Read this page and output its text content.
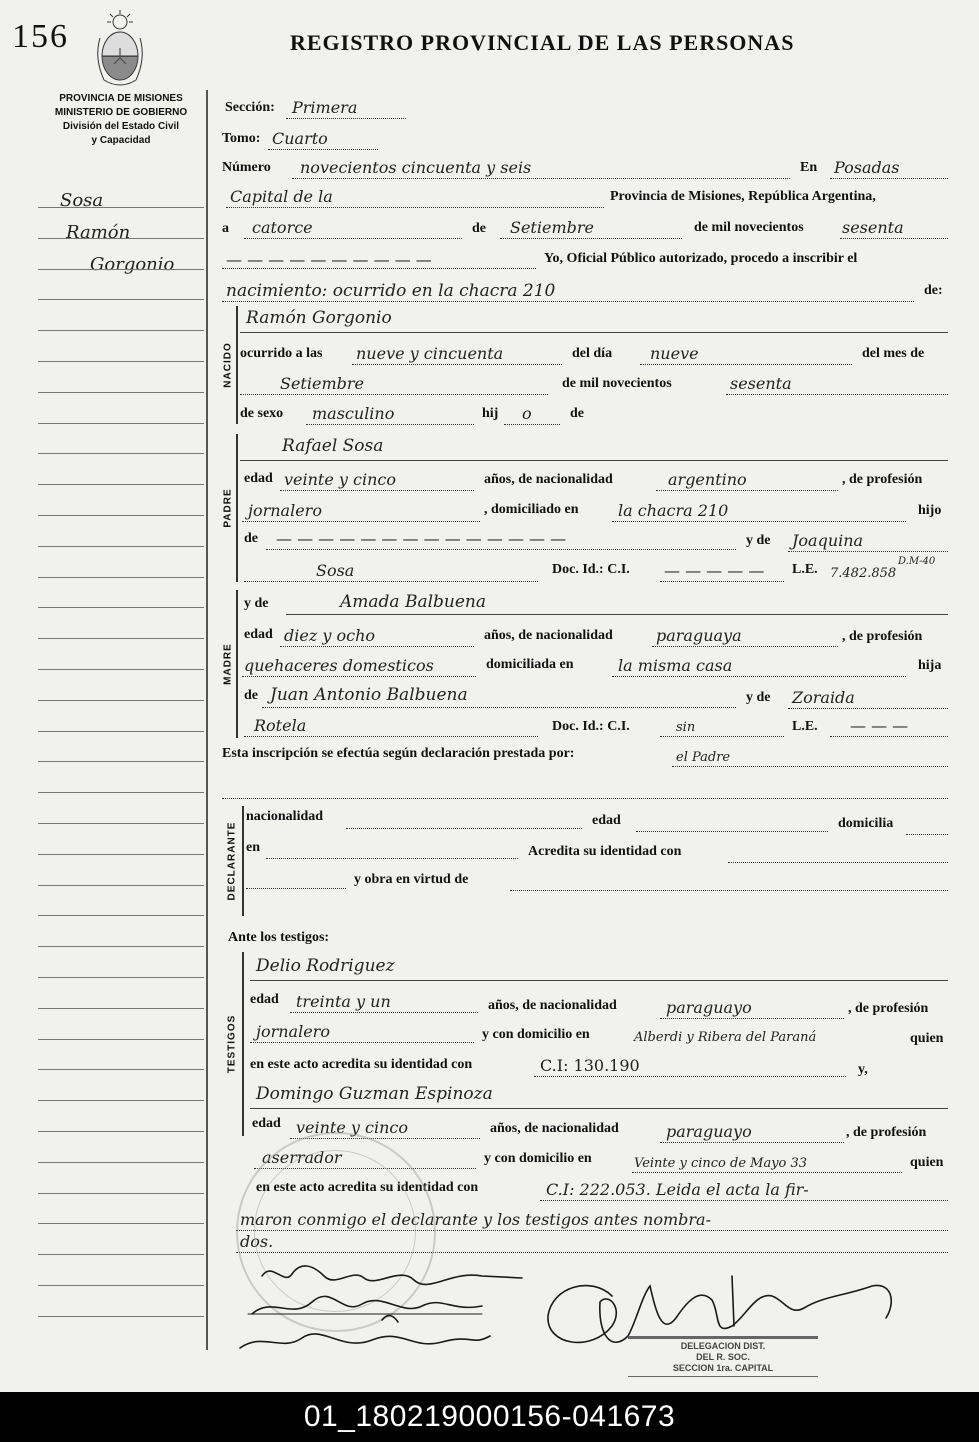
156	REGISTRO PROVINCIAL DE LAS PERSONAS
PROVINCIA DE MISIONES
MINISTERIO DE GOBIERNO
División del Estado Civil
y Capacidad
Sosa
Ramón
Gorgonio
Sección: Primera
Tomo: Cuarto
Número novecientos cincuenta y seis	En Posadas
Capital de la	Provincia de Misiones, República Argentina,
a catorce	de Setiembre	de mil novecientos sesenta
— — — — — — — — — —	Yo, Oficial Público autorizado, procedo a inscribir el
nacimiento: ocurrido en la chacra 210	de:
NACIDO
Ramón Gorgonio
ocurrido a las nueve y cincuenta	del día nueve	del mes de
Setiembre	de mil novecientos	sesenta
de sexo masculino	hij o	de
PADRE
Rafael Sosa
edad veinte y cinco	años, de nacionalidad	argentino	, de profesión
jornalero	, domiciliado en la chacra 210	hijo
de — — — — — — — — — — — — — —	y de Joaquina
Sosa	Doc. Id.: C.I. — — — — — L.E. 7.482.858
D.M-40
MADRE
y de	Amada Balbuena
edad diez y ocho	años, de nacionalidad	paraguaya	, de profesión
quehaceres domesticos	domiciliada en	la misma casa	hija
de Juan Antonio Balbuena	y de Zoraida
Rotela	Doc. Id.: C.I.	sin	L.E. — — —
Esta inscripción se efectúa según declaración prestada por:	el Padre
DECLARANTE
nacionalidad	edad	domicilia
en	Acredita su identidad con
y obra en virtud de
Ante los testigos:
TESTIGOS
Delio Rodriguez
edad treinta y un	años, de nacionalidad	paraguayo	, de profesión
jornalero	y con domicilio en	Alberdi y Ribera del Paraná	quien
en este acto acredita su identidad con	C.I: 130.190	y,
Domingo Guzman Espinoza
edad veinte y cinco	años, de nacionalidad	paraguayo	, de profesión
aserrador	y con domicilio en	Veinte y cinco de Mayo 33	quien
en este acto acredita su identidad con	C.I: 222.053. Leida el acta la fir-
maron conmigo el declarante y los testigos antes nombra-
dos.
DELEGACION DIST.
DEL R. SOC.
SECCION 1ra. CAPITAL
01_180219000156-041673
